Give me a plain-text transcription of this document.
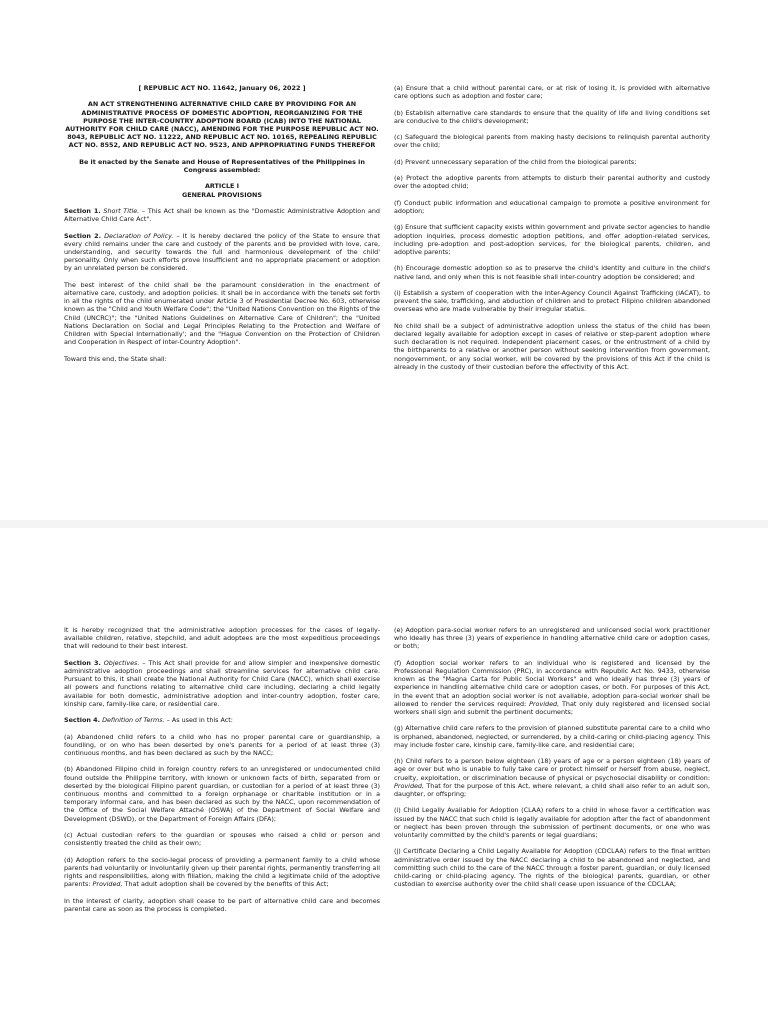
[ REPUBLIC ACT NO. 11642, January 06, 2022 ]

AN ACT STRENGTHENING ALTERNATIVE CHILD CARE BY PROVIDING FOR AN ADMINISTRATIVE PROCESS OF DOMESTIC ADOPTION, REORGANIZING FOR THE PURPOSE THE INTER-COUNTRY ADOPTION BOARD (ICAB) INTO THE NATIONAL AUTHORITY FOR CHILD CARE (NACC), AMENDING FOR THE PURPOSE REPUBLIC ACT NO. 8043, REPUBLIC ACT NO. 11222, AND REPUBLIC ACT NO. 10165, REPEALING REPUBLIC ACT NO. 8552, AND REPUBLIC ACT NO. 9523, AND APPROPRIATING FUNDS THEREFOR

Be it enacted by the Senate and House of Representatives of the Philippines in Congress assembled:

ARTICLE I

GENERAL PROVISIONS

Section 1. Short Title. – This Act shall be known as the "Domestic Administrative Adoption and Alternative Child Care Act".

Section 2. Declaration of Policy. – It is hereby declared the policy of the State to ensure that every child remains under the care and custody of the parents and be provided with love, care, understanding, and security towards the full and harmonious development of the child' personality. Only when such efforts prove insufficient and no appropriate placement or adoption by an unrelated person be considered.

The best interest of the child shall be the paramount consideration in the enactment of alternative care, custody, and adoption policies. It shall be in accordance with the tenets set forth in all the rights of the child enumerated under Article 3 of Presidential Decree No. 603, otherwise known as the "Child and Youth Welfare Code"; the "United Nations Convention on the Rights of the Child (UNCRC)"; the "United Nations Guidelines on Alternative Care of Children"; the "United Nations Declaration on Social and Legal Principles Relating to the Protection and Welfare of Children with Special Internationally'; and the "Hague Convention on the Protection of Children and Cooperation in Respect of Inter-Country Adoption".

Toward this end, the State shall:

(a) Ensure that a child without parental care, or at risk of losing it, is provided with alternative care options such as adoption and foster care;

(b) Establish alternative care standards to ensure that the quality of life and living conditions set are conducive to the child's development;

(c) Safeguard the biological parents from making hasty decisions to relinquish parental authority over the child;

(d) Prevent unnecessary separation of the child from the biological parents;

(e) Protect the adoptive parents from attempts to disturb their parental authority and custody over the adopted child;

(f) Conduct public information and educational campaign to promote a positive environment for adoption;

(g) Ensure that sufficient capacity exists within government and private sector agencies to handle adoption inquiries, process domestic adoption petitions, and offer adoption-related services, including pre-adoption and post-adoption services, for the biological parents, children, and adoptive parents;

(h) Encourage domestic adoption so as to preserve the child's identity and culture in the child's native land, and only when this is not feasible shall inter-country adoption be considered; and

(i) Establish a system of cooperation with the Inter-Agency Council Against Trafficking (IACAT), to prevent the sale, trafficking, and abduction of children and to protect Filipino children abandoned overseas who are made vulnerable by their irregular status.

No child shall be a subject of administrative adoption unless the status of the child has been declared legally available for adoption except in cases of relative or step-parent adoption where such declaration is not required. Independent placement cases, or the entrustment of a child by the birthparents to a relative or another person without seeking intervention from government, nongovernment, or any social worker, will be covered by the provisions of this Act if the child is already in the custody of their custodian before the effectivity of this Act.

It is hereby recognized that the administrative adoption processes for the cases of legally-available children, relative, stepchild, and adult adoptees are the most expeditious proceedings that will redound to their best interest.

Section 3. Objectives. – This Act shall provide for and allow simpler and inexpensive domestic administrative adoption proceedings and shall streamline services for alternative child care. Pursuant to this, it shall create the National Authority for Child Care (NACC), which shall exercise all powers and functions relating to alternative child care including, declaring a child legally available for both domestic, administrative adoption and inter-country adoption, foster care, kinship care, family-like care, or residential care.

Section 4. Definition of Terms. – As used in this Act:

(a) Abandoned child refers to a child who has no proper parental care or guardianship, a foundling, or on who has been deserted by one's parents for a period of at least three (3) continuous months, and has been declared as such by the NACC;

(b) Abandoned Filipino child in foreign country refers to an unregistered or undocumented child found outside the Philippine territory, with known or unknown facts of birth, separated from or deserted by the biological Filipino parent guardian, or custodian for a period of at least three (3) continuous months and committed to a foreign orphanage or charitable institution or in a temporary informal care, and has been declared as such by the NACC, upon recommendation of the Office of the Social Welfare Attaché (OSWA) of the Department of Social Welfare and Development (DSWD), or the Department of Foreign Affairs (DFA);

(c) Actual custodian refers to the guardian or spouses who raised a child or person and consistently treated the child as their own;

(d) Adoption refers to the socio-legal process of providing a permanent family to a child whose parents had voluntarily or involuntarily given up their parental rights, permanently transferring all rights and responsibilities, along with filiation, making the child a legitimate child of the adoptive parents: Provided, That adult adoption shall be covered by the benefits of this Act;

In the interest of clarity, adoption shall cease to be part of alternative child care and becomes parental care as soon as the process is completed.

(e) Adoption para-social worker refers to an unregistered and unlicensed social work practitioner who ideally has three (3) years of experience in handling alternative child care or adoption cases, or both;

(f) Adoption social worker refers to an individual who is registered and licensed by the Professional Regulation Commission (PRC), in accordance with Republic Act No. 9433, otherwise known as the "Magna Carta for Public Social Workers" and who ideally has three (3) years of experience in handling alternative child care or adoption cases, or both. For purposes of this Act, in the event that an adoption social worker is not available, adoption para-social worker shall be allowed to render the services required: Provided, That only duly registered and licensed social workers shall sign and submit the pertinent documents;

(g) Alternative child care refers to the provision of planned substitute parental care to a child who is orphaned, abandoned, neglected, or surrendered, by a child-caring or child-placing agency. This may include foster care, kinship care, family-like care, and residential care;

(h) Child refers to a person below eighteen (18) years of age or a person eighteen (18) years of age or over but who is unable to fully take care or protect himself or herself from abuse, neglect, cruelty, exploitation, or discrimination because of physical or psychosocial disability or condition: Provided, That for the purpose of this Act, where relevant, a child shall also refer to an adult son, daughter, or offspring;

(i) Child Legally Available for Adoption (CLAA) refers to a child in whose favor a certification was issued by the NACC that such child is legally available for adoption after the fact of abandonment or neglect has been proven through the submission of pertinent documents, or one who was voluntarily committed by the child's parents or legal guardians;

(j) Certificate Declaring a Child Legally Available for Adoption (CDCLAA) refers to the final written administrative order issued by the NACC declaring a child to be abandoned and neglected, and committing such child to the care of the NACC through a foster parent, guardian, or duly licensed child-caring or child-placing agency. The rights of the biological parents, guardian, or other custodian to exercise authority over the child shall cease upon issuance of the CDCLAA;
